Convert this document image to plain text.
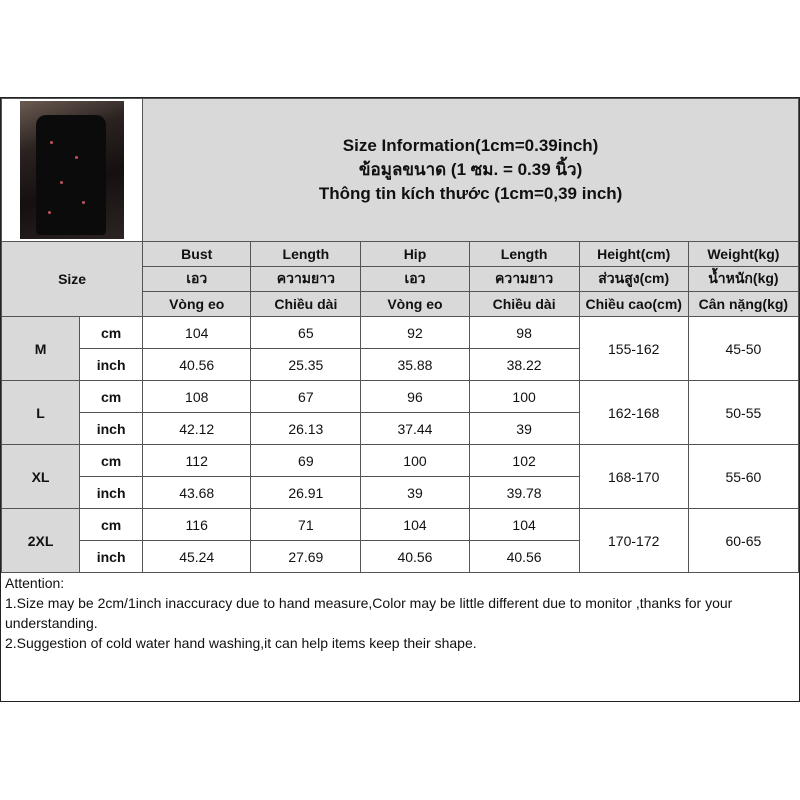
		Size Information(1cm=0.39inch)
ข้อมูลขนาด (1 ซม. = 0.39 นิ้ว)
Thông tin kích thước (1cm=0,39 inch)					

Size		Bust	Length	Hip	Length	Height(cm)	Weight(kg)
		เอว	ความยาว	เอว	ความยาว	ส่วนสูง(cm)	น้ำหนัก(kg)
		Vòng eo	Chiều dài	Vòng eo	Chiều dài	Chiều cao(cm)	Cân nặng(kg)
M	cm	104	65	92	98	155-162	45-50
	inch	40.56	25.35	35.88	38.22		
L	cm	108	67	96	100	162-168	50-55
	inch	42.12	26.13	37.44	39		
XL	cm	112	69	100	102	168-170	55-60
	inch	43.68	26.91	39	39.78		
2XL	cm	116	71	104	104	170-172	60-65
	inch	45.24	27.69	40.56	40.56		
Attention:
1.Size may be 2cm/1inch inaccuracy due to hand measure,Color may be little different due to monitor ,thanks for your understanding.
2.Suggestion of cold water hand washing,it can help items keep their shape.
